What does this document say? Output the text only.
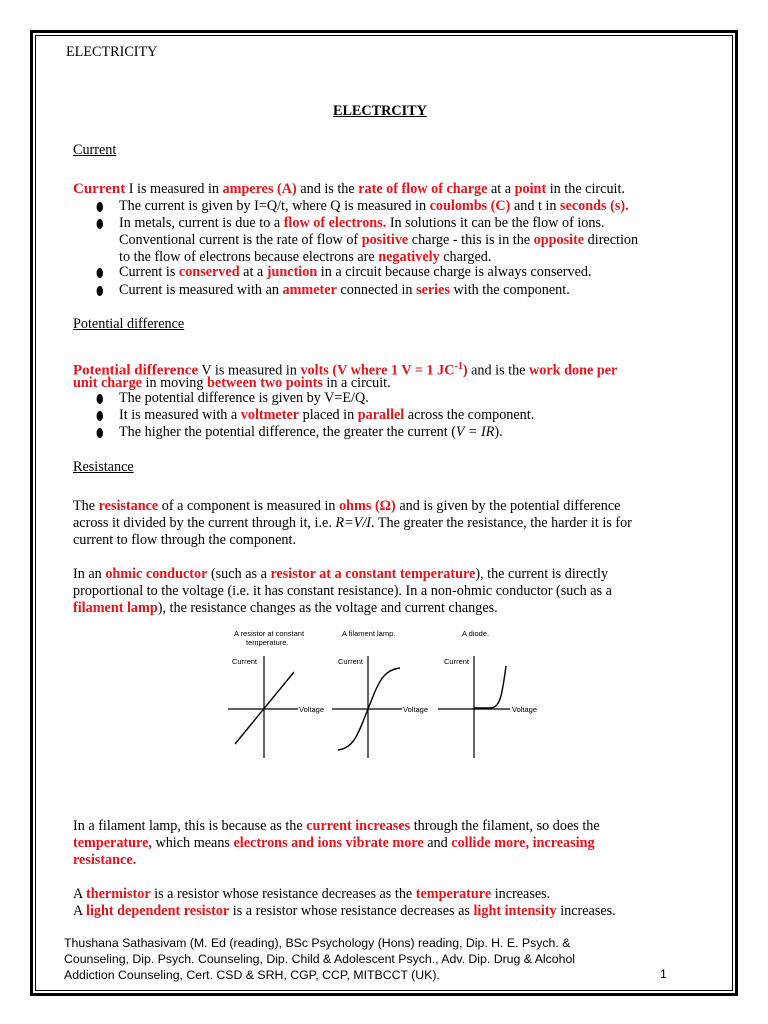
ELECTRICITY
ELECTRCITY
Current
Current I is measured in amperes (A) and is the rate of flow of charge at a point in the circuit.
⬮ The current is given by I=Q/t, where Q is measured in coulombs (C) and t in seconds (s).
⬮ In metals, current is due to a flow of electrons. In solutions it can be the flow of ions.
Conventional current is the rate of flow of positive charge - this is in the opposite direction
to the flow of electrons because electrons are negatively charged.
⬮ Current is conserved at a junction in a circuit because charge is always conserved.
⬮ Current is measured with an ammeter connected in series with the component.
Potential difference
Potential difference V is measured in volts (V where 1 V = 1 $JC^{-1}$) and is the work done per
unit charge in moving between two points in a circuit.
⬮ The potential difference is given by V=E/Q.
⬮ It is measured with a voltmeter placed in parallel across the component.
⬮ The higher the potential difference, the greater the current (V = IR).
Resistance
The resistance of a component is measured in ohms (Ω) and is given by the potential difference
across it divided by the current through it, i.e. R=V/I. The greater the resistance, the harder it is for
current to flow through the component.
In an ohmic conductor (such as a resistor at a constant temperature), the current is directly
proportional to the voltage (i.e. it has constant resistance). In a non-ohmic conductor (such as a
filament lamp), the resistance changes as the voltage and current changes.
A resistor at constant
temperature.
Current
Voltage
A filament lamp.
Current
Voltage
A diode.
Current
Voltage
In a filament lamp, this is because as the current increases through the filament, so does the
temperature, which means electrons and ions vibrate more and collide more, increasing
resistance.
A thermistor is a resistor whose resistance decreases as the temperature increases.
A light dependent resistor is a resistor whose resistance decreases as light intensity increases.
Thushana Sathasivam (M. Ed (reading), BSc Psychology (Hons) reading, Dip. H. E. Psych. &
Counseling, Dip. Psych. Counseling, Dip. Child & Adolescent Psych., Adv. Dip. Drug & Alcohol
Addiction Counseling, Cert. CSD & SRH, CGP, CCP, MITBCCT (UK).	1
